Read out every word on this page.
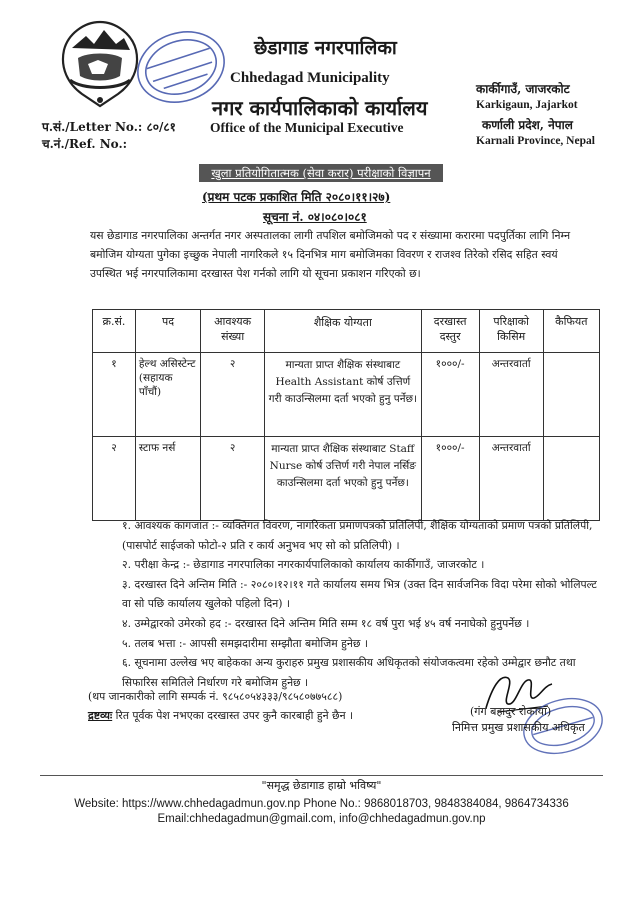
छेडागाड नगरपालिका
Chhedagad Municipality
नगर कार्यपालिकाको कार्यालय
Office of the Municipal Executive
कार्कीगाउँ, जाजरकोट
Karkigaun, Jajarkot
कर्णाली प्रदेश, नेपाल
Karnali Province, Nepal
प.सं./Letter No.: ८०/८१
च.नं./Ref. No.:
खुला प्रतियोगितात्मक (सेवा करार) परीक्षाको विज्ञापन
(प्रथम पटक प्रकाशित मिति २०८०।११।२७)
सूचना नं. ०४।०८०।०८१
यस छेडागाड नगरपालिका अन्तर्गत नगर अस्पतालका लागी तपशिल बमोजिमको पद र संख्यामा करारमा पदपुर्तिका लागि निम्न बमोजिम योग्यता पुगेका इच्छुक नेपाली नागरिकले १५ दिनभित्र माग बमोजिमका विवरण र राजश्व तिरेको रसिद सहित स्वयं उपस्थित भई नगरपालिकामा दरखास्त पेश गर्नको लागि यो सूचना प्रकाशन गरिएको छ।
क्र.सं.	पद	आवश्यक संख्या	शैक्षिक योग्यता	दरखास्त दस्तुर	परिक्षाको किसिम	कैफियत
१	हेल्थ असिस्टेन्ट (सहायक पाँचौं)	२	मान्यता प्राप्त शैक्षिक संस्थाबाट Health Assistant कोर्ष उत्तिर्ण गरी काउन्सिलमा दर्ता भएको हुनु पर्नेछ।	१०००/-	अन्तरवार्ता	
२	स्टाफ नर्स	२	मान्यता प्राप्त शैक्षिक संस्थाबाट Staff Nurse कोर्ष उत्तिर्ण गरी नेपाल नर्सिङ काउन्सिलमा दर्ता भएको हुनु पर्नेछ।	१०००/-	अन्तरवार्ता	

१. आवश्यक कागजात :- व्यक्तिगत विवरण, नागरिकता प्रमाणपत्रको प्रतिलिपी, शैक्षिक योग्यताको प्रमाण पत्रको प्रतिलिपी, (पासपोर्ट साईजको फोटो-२ प्रति र कार्य अनुभव भए सो को प्रतिलिपी) ।

२. परीक्षा केन्द्र :- छेडागाड नगरपालिका नगरकार्यपालिकाको कार्यालय कार्कीगाउँ, जाजरकोट ।

३. दरखास्त दिने अन्तिम मिति :- २०८०।१२।११ गते कार्यालय समय भित्र (उक्त दिन सार्वजनिक विदा परेमा सोको भोलिपल्ट वा सो पछि कार्यालय खुलेको पहिलो दिन) ।

४. उम्मेद्वारको उमेरको हद :- दरखास्त दिने अन्तिम मिति सम्म १८ वर्ष पुरा भई ४५ वर्ष ननाघेको हुनुपर्नेछ ।

५. तलब भत्ता :- आपसी समझदारीमा सम्झौता बमोजिम हुनेछ ।

६. सूचनामा उल्लेख भए बाहेकका अन्य कुराहरु प्रमुख प्रशासकीय अधिकृतको संयोजकत्वमा रहेको उम्मेद्वार छनौट तथा सिफारिस समितिले निर्धारण गरे बमोजिम हुनेछ ।

(थप जानकारीको लागि सम्पर्क नं. ९८५८०५४३३३/९८५८०७७५८८)
द्रष्टव्यः रित पूर्वक पेश नभएका दरखास्त उपर कुनै कारबाही हुने छैन ।	(गंग बहादुर रोकाया)
निमित्त प्रमुख प्रशासकीय अधिकृत
"समृद्ध छेडागाड हाम्रो भविष्य"
Website: https://www.chhedagadmun.gov.np Phone No.: 9868018703, 9848384084, 9864734336
Email:chhedagadmun@gmail.com, info@chhedagadmun.gov.np
